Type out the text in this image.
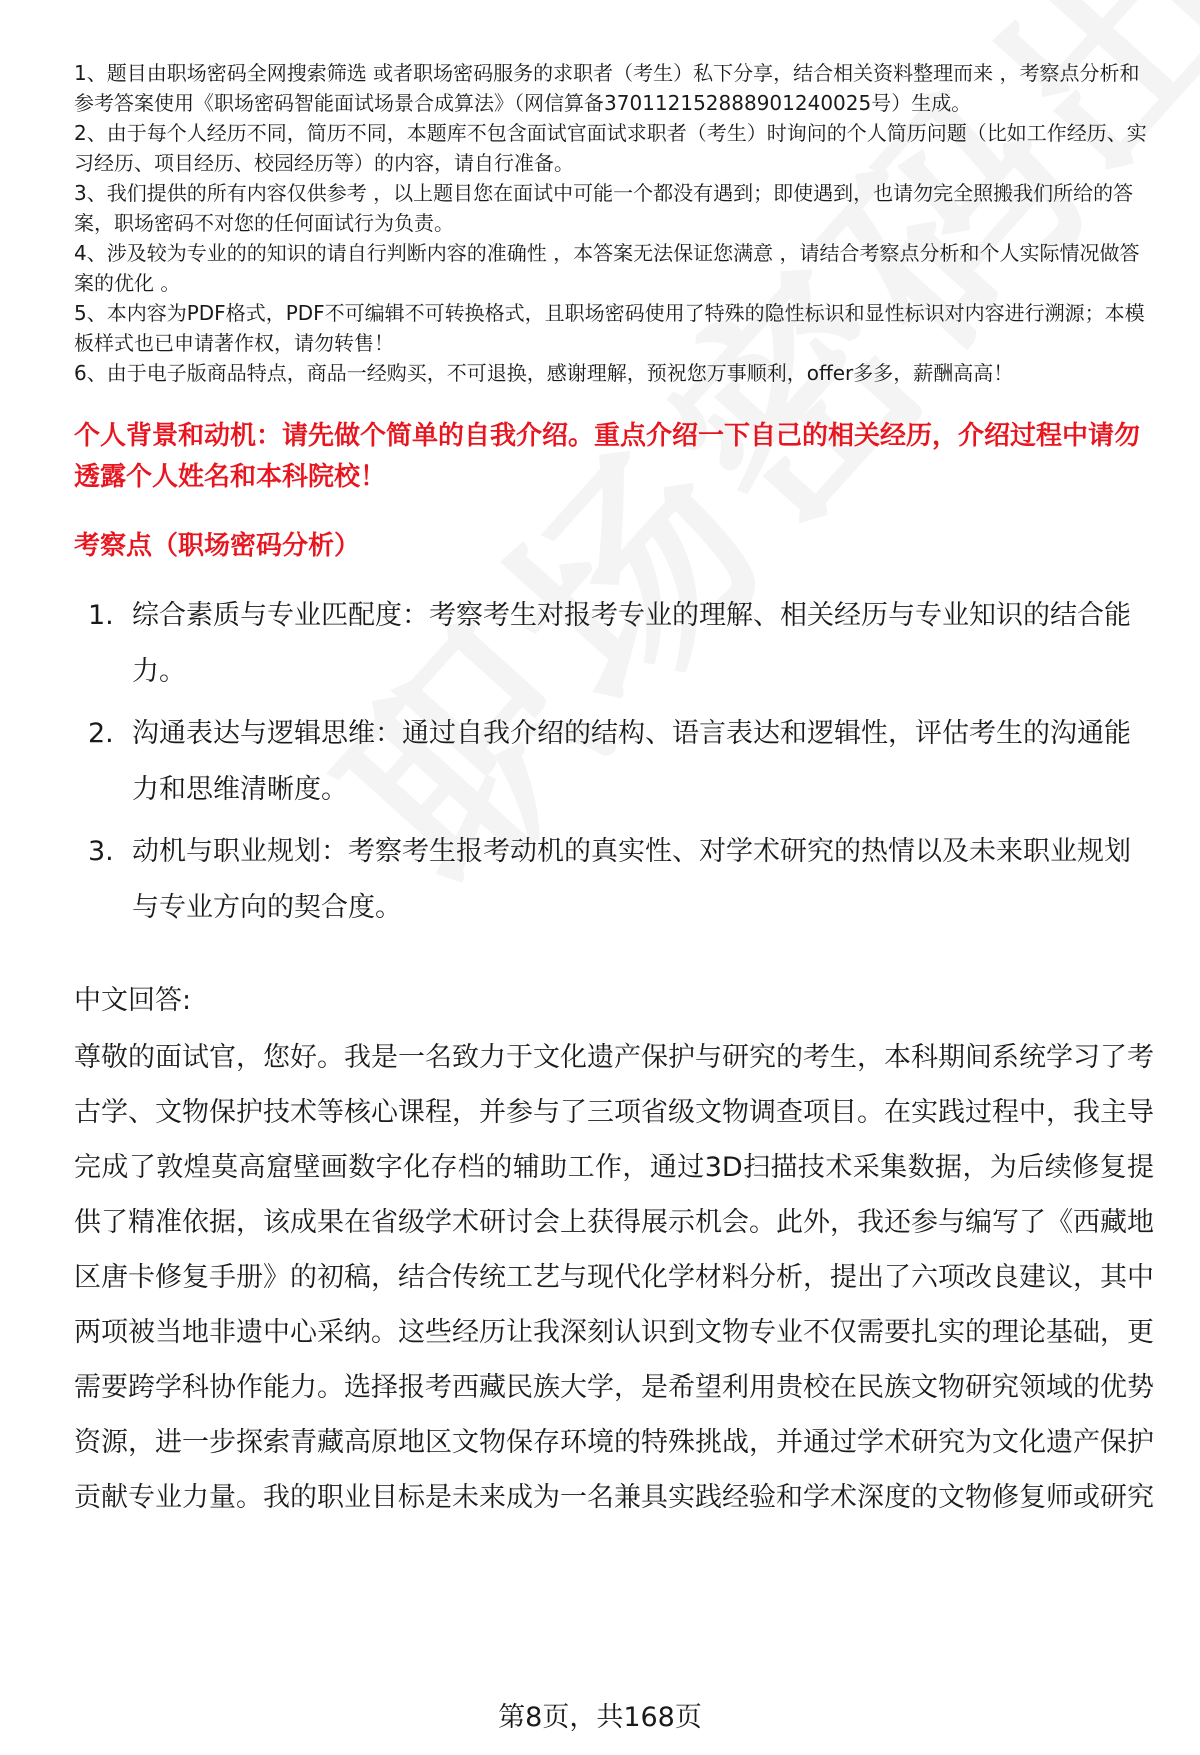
1、题目由职场密码全网搜索筛选 或者职场密码服务的求职者（考生）私下分享，结合相关资料整理而来 ，考察点分析和参考答案使用《职场密码智能面试场景合成算法》（网信算备370112152888901240025号）生成。

2、由于每个人经历不同，简历不同，本题库不包含面试官面试求职者（考生）时询问的个人简历问题（比如工作经历、实习经历、项目经历、校园经历等）的内容，请自行准备。

3、我们提供的所有内容仅供参考 ，以上题目您在面试中可能一个都没有遇到；即使遇到，也请勿完全照搬我们所给的答案，职场密码不对您的任何面试行为负责。

4、涉及较为专业的的知识的请自行判断内容的准确性 ，本答案无法保证您满意 ，请结合考察点分析和个人实际情况做答案的优化 。

5、本内容为PDF格式，PDF不可编辑不可转换格式，且职场密码使用了特殊的隐性标识和显性标识对内容进行溯源；本模板样式也已申请著作权，请勿转售！

6、由于电子版商品特点，商品一经购买，不可退换，感谢理解，预祝您万事顺利，offer多多，薪酬高高！

个人背景和动机：请先做个简单的自我介绍。重点介绍一下自己的相关经历，介绍过程中请勿透露个人姓名和本科院校！
考察点（职场密码分析）
1. 综合素质与专业匹配度：考察考生对报考专业的理解、相关经历与专业知识的结合能力。
2. 沟通表达与逻辑思维：通过自我介绍的结构、语言表达和逻辑性，评估考生的沟通能力和思维清晰度。
3. 动机与职业规划：考察考生报考动机的真实性、对学术研究的热情以及未来职业规划与专业方向的契合度。
中文回答:
尊敬的面试官，您好。我是一名致力于文化遗产保护与研究的考生，本科期间系统学习了考古学、文物保护技术等核心课程，并参与了三项省级文物调查项目。在实践过程中，我主导完成了敦煌莫高窟壁画数字化存档的辅助工作，通过3D扫描技术采集数据，为后续修复提供了精准依据，该成果在省级学术研讨会上获得展示机会。此外，我还参与编写了《西藏地区唐卡修复手册》的初稿，结合传统工艺与现代化学材料分析，提出了六项改良建议，其中两项被当地非遗中心采纳。这些经历让我深刻认识到文物专业不仅需要扎实的理论基础，更需要跨学科协作能力。选择报考西藏民族大学，是希望利用贵校在民族文物研究领域的优势资源，进一步探索青藏高原地区文物保存环境的特殊挑战，并通过学术研究为文化遗产保护贡献专业力量。我的职业目标是未来成为一名兼具实践经验和学术深度的文物修复师或研究
第8页，共168页
